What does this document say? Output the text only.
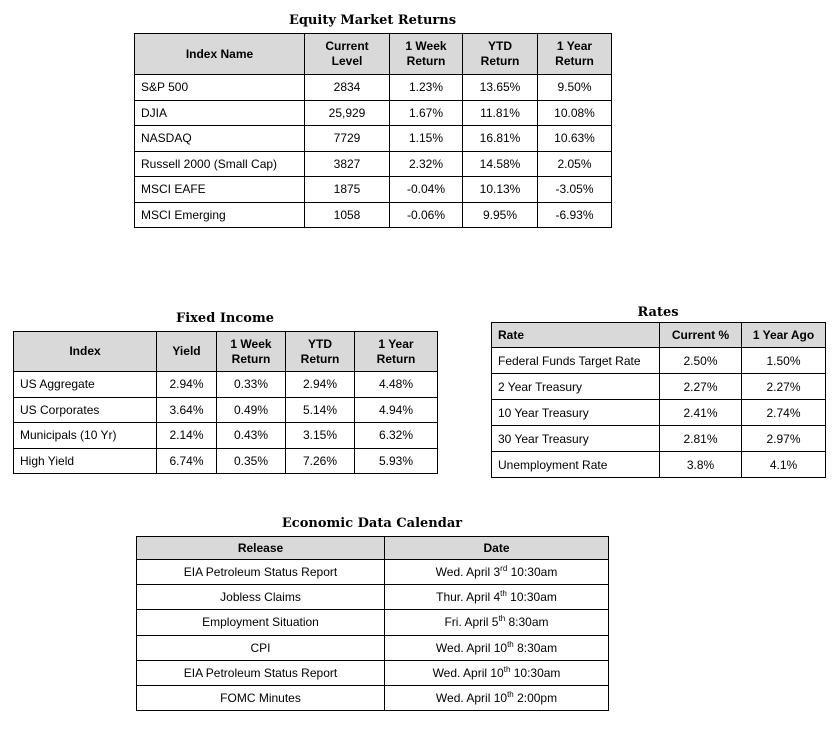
Equity Market Returns
Index Name	Current Level	1 Week Return	YTD Return	1 Year Return
S&P 500	2834	1.23%	13.65%	9.50%
DJIA	25,929	1.67%	11.81%	10.08%
NASDAQ	7729	1.15%	16.81%	10.63%
Russell 2000 (Small Cap)	3827	2.32%	14.58%	2.05%
MSCI EAFE	1875	-0.04%	10.13%	-3.05%
MSCI Emerging	1058	-0.06%	9.95%	-6.93%
Fixed Income
Index	Yield	1 Week Return	YTD Return	1 Year Return
US Aggregate	2.94%	0.33%	2.94%	4.48%
US Corporates	3.64%	0.49%	5.14%	4.94%
Municipals (10 Yr)	2.14%	0.43%	3.15%	6.32%
High Yield	6.74%	0.35%	7.26%	5.93%
Rates
Rate	Current %	1 Year Ago
Federal Funds Target Rate	2.50%	1.50%
2 Year Treasury	2.27%	2.27%
10 Year Treasury	2.41%	2.74%
30 Year Treasury	2.81%	2.97%
Unemployment Rate	3.8%	4.1%
Economic Data Calendar
Release	Date
EIA Petroleum Status Report	Wed. April 3rd 10:30am
Jobless Claims	Thur. April 4th 10:30am
Employment Situation	Fri. April 5th 8:30am
CPI	Wed. April 10th 8:30am
EIA Petroleum Status Report	Wed. April 10th 10:30am
FOMC Minutes	Wed. April 10th 2:00pm
